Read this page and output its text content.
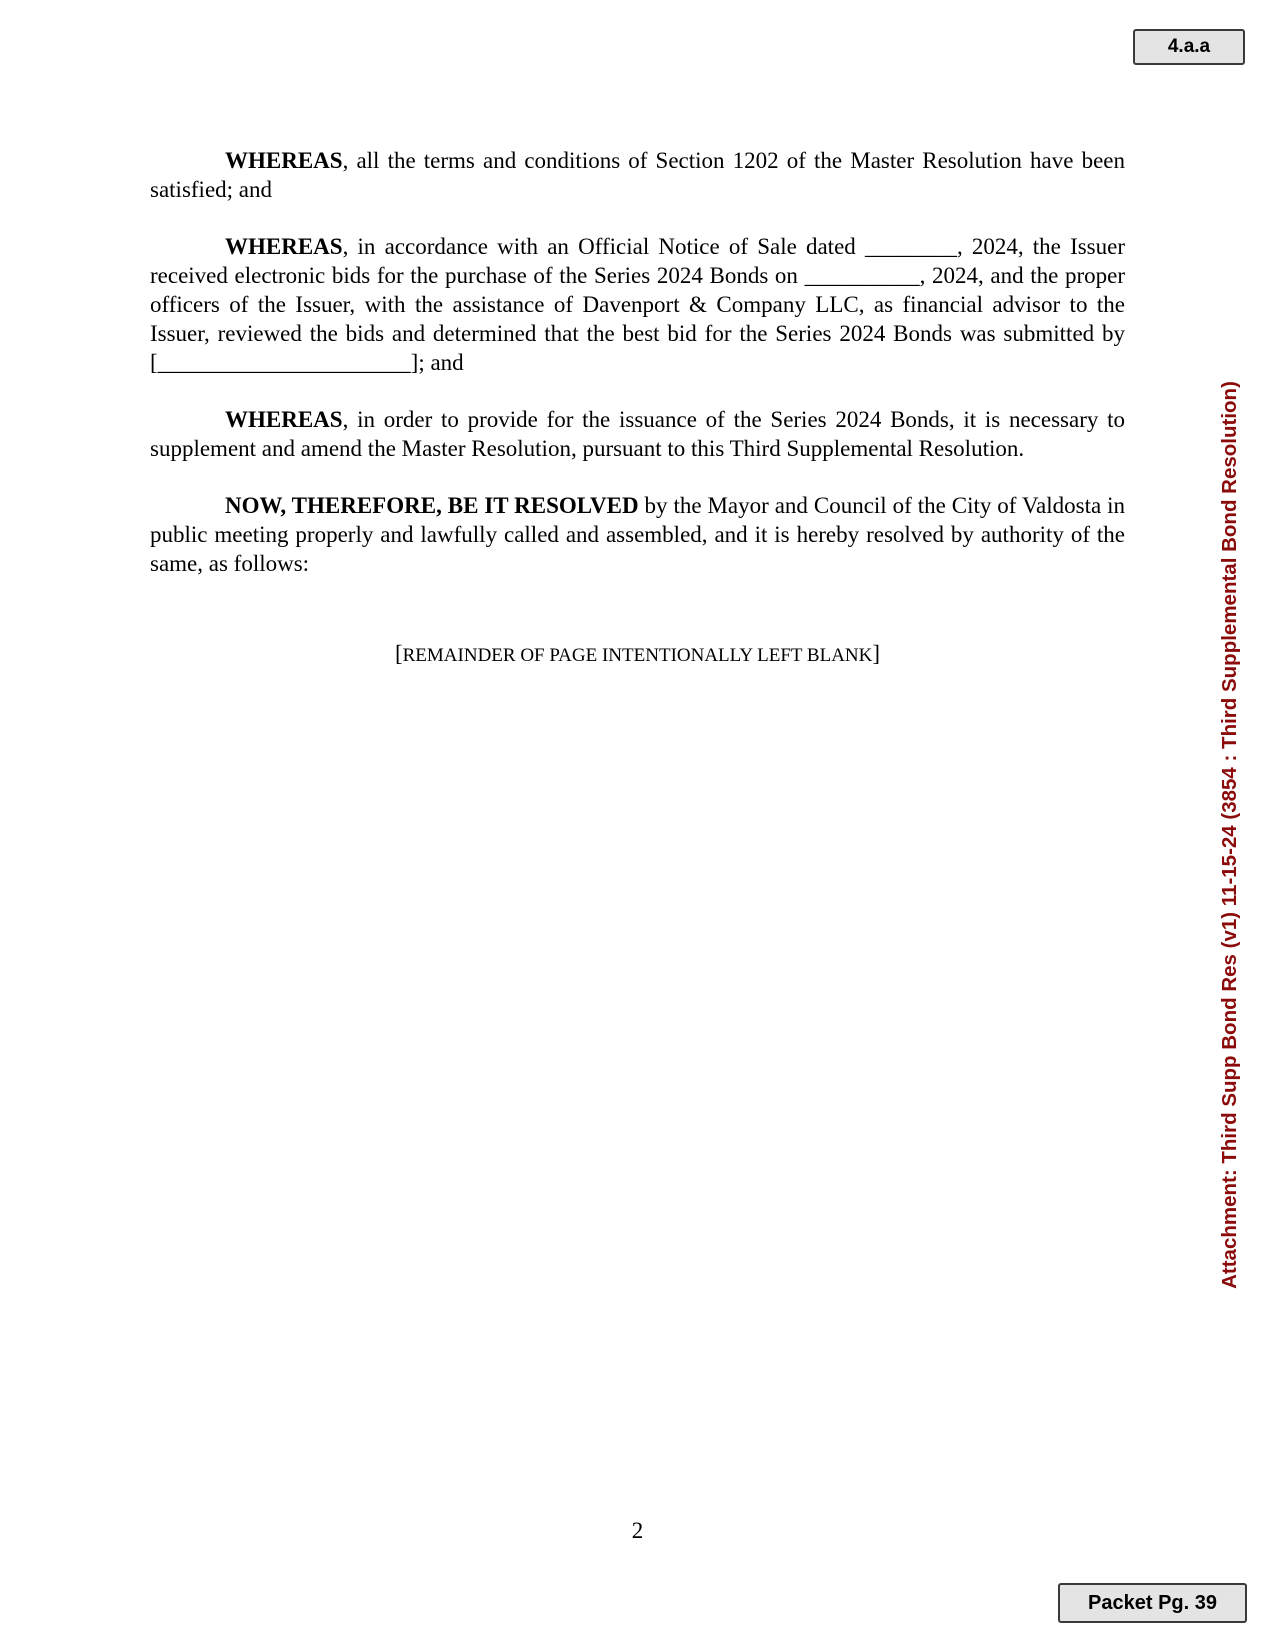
4.a.a

WHEREAS, all the terms and conditions of Section 1202 of the Master Resolution have been satisfied; and

WHEREAS, in accordance with an Official Notice of Sale dated ________, 2024, the Issuer received electronic bids for the purchase of the Series 2024 Bonds on __________, 2024, and the proper officers of the Issuer, with the assistance of Davenport & Company LLC, as financial advisor to the Issuer, reviewed the bids and determined that the best bid for the Series 2024 Bonds was submitted by [______________________]; and

WHEREAS, in order to provide for the issuance of the Series 2024 Bonds, it is necessary to supplement and amend the Master Resolution, pursuant to this Third Supplemental Resolution.

NOW, THEREFORE, BE IT RESOLVED by the Mayor and Council of the City of Valdosta in public meeting properly and lawfully called and assembled, and it is hereby resolved by authority of the same, as follows:

[REMAINDER OF PAGE INTENTIONALLY LEFT BLANK]
2
Attachment: Third Supp Bond Res (v1) 11-15-24 (3854 : Third Supplemental Bond Resolution)
Packet Pg. 39
